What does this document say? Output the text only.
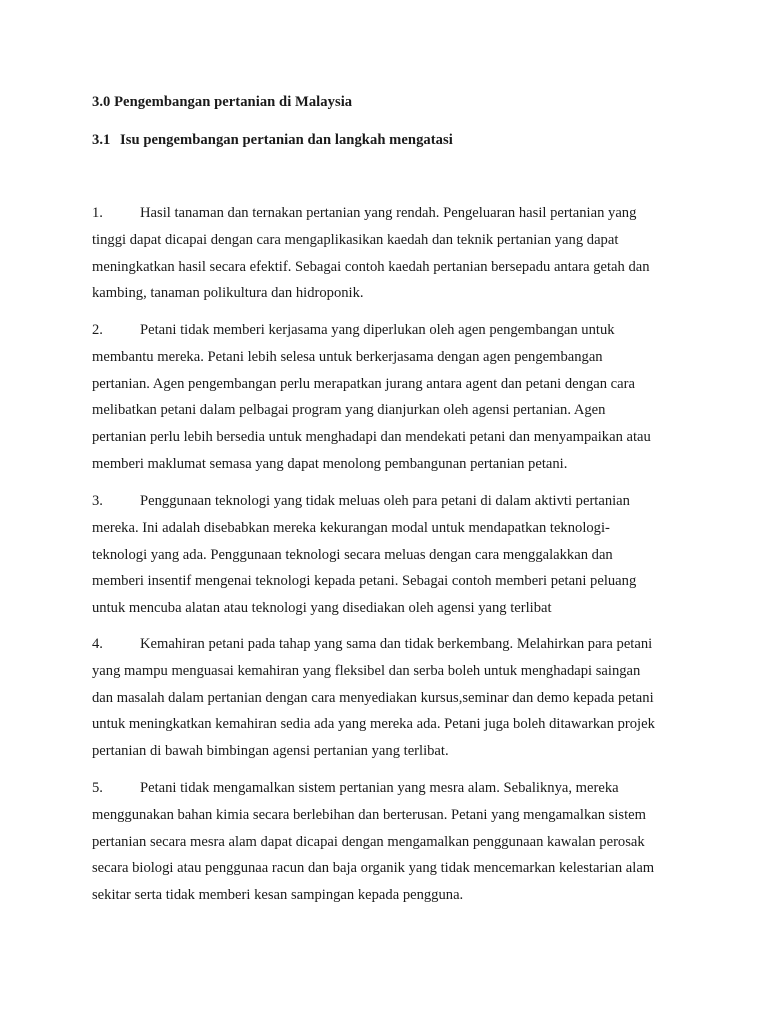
3.0 Pengembangan pertanian di Malaysia
3.1 Isu pengembangan pertanian dan langkah mengatasi
1.	Hasil tanaman dan ternakan pertanian yang rendah. Pengeluaran hasil pertanian yang
tinggi dapat dicapai dengan cara mengaplikasikan kaedah dan teknik pertanian yang dapat
meningkatkan hasil secara efektif. Sebagai contoh kaedah pertanian bersepadu antara getah dan
kambing, tanaman polikultura dan hidroponik.
2.	Petani tidak memberi kerjasama yang diperlukan oleh agen pengembangan untuk
membantu mereka. Petani lebih selesa untuk berkerjasama dengan agen pengembangan
pertanian. Agen pengembangan perlu merapatkan jurang antara agent dan petani dengan cara
melibatkan petani dalam pelbagai program yang dianjurkan oleh agensi pertanian. Agen
pertanian perlu lebih bersedia untuk menghadapi dan mendekati petani dan menyampaikan atau
memberi maklumat semasa yang dapat menolong pembangunan pertanian petani.
3.	Penggunaan teknologi yang tidak meluas oleh para petani di dalam aktivti pertanian
mereka. Ini adalah disebabkan mereka kekurangan modal untuk mendapatkan teknologi-
teknologi yang ada. Penggunaan teknologi secara meluas dengan cara menggalakkan dan
memberi insentif mengenai teknologi kepada petani. Sebagai contoh memberi petani peluang
untuk mencuba alatan atau teknologi yang disediakan oleh agensi yang terlibat
4.	Kemahiran petani pada tahap yang sama dan tidak berkembang. Melahirkan para petani
yang mampu menguasai kemahiran yang fleksibel dan serba boleh untuk menghadapi saingan
dan masalah dalam pertanian dengan cara menyediakan kursus,seminar dan demo kepada petani
untuk meningkatkan kemahiran sedia ada yang mereka ada. Petani juga boleh ditawarkan projek
pertanian di bawah bimbingan agensi pertanian yang terlibat.
5.	Petani tidak mengamalkan sistem pertanian yang mesra alam. Sebaliknya, mereka
menggunakan bahan kimia secara berlebihan dan berterusan. Petani yang mengamalkan sistem
pertanian secara mesra alam dapat dicapai dengan mengamalkan penggunaan kawalan perosak
secara biologi atau penggunaa racun dan baja organik yang tidak mencemarkan kelestarian alam
sekitar serta tidak memberi kesan sampingan kepada pengguna.
